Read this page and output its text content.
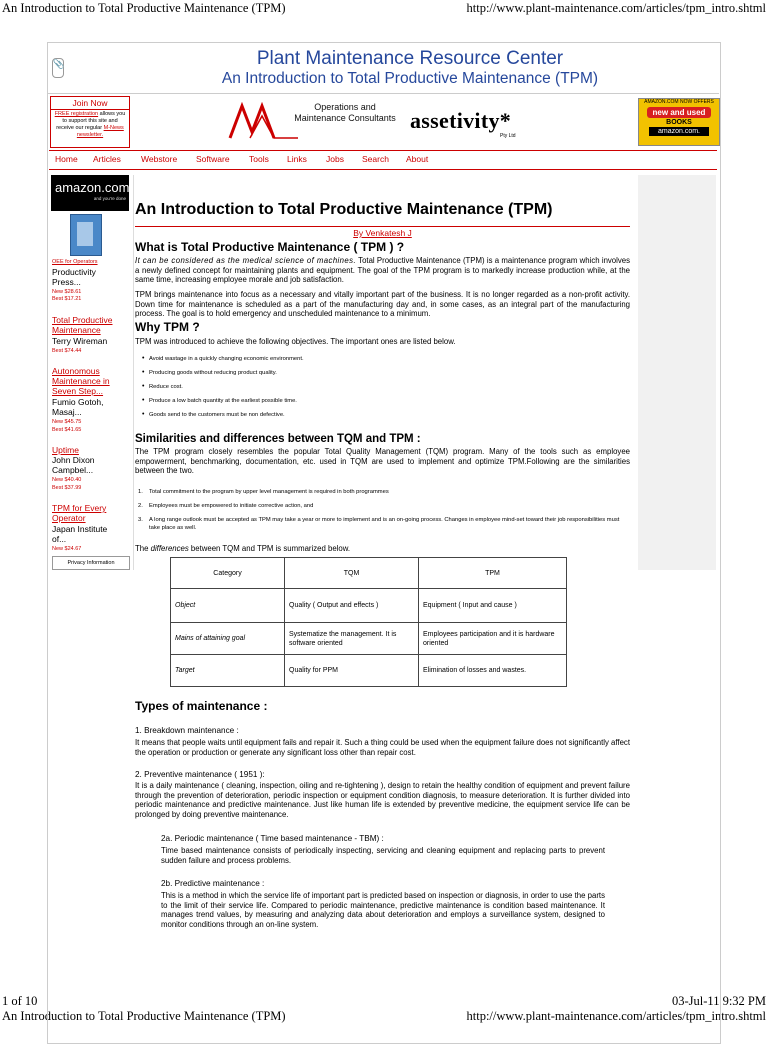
An Introduction to Total Productive Maintenance (TPM)	http://www.plant-maintenance.com/articles/tpm_intro.shtml
1 of 10	03-Jul-11 9:32 PM
An Introduction to Total Productive Maintenance (TPM)	http://www.plant-maintenance.com/articles/tpm_intro.shtml
📎	Plant Maintenance Resource Center
An Introduction to Total Productive Maintenance (TPM)
Join Now
FREE registration allows you to support this site and receive our regular M-News newsletter.
Operations and
Maintenance Consultants assetivity*
Pty Ltd
AMAZON.COM NOW OFFERS
new and used
BOOKS
amazon.com.
Home Articles Webstore Software Tools Links Jobs Search About
amazon.com
and you're done
OEE for Operators
Productivity Press...
New $28.61
Best $17.21
Total Productive Maintenance
Terry Wireman
Best $74.44
Autonomous Maintenance in Seven Step...
Fumio Gotoh, Masaj...
New $45.75
Best $41.65
Uptime
John Dixon Campbel...
New $40.40
Best $37.99
TPM for Every Operator
Japan Institute of...
New $24.67
Privacy Information
An Introduction to Total Productive Maintenance (TPM)
By Venkatesh J
What is Total Productive Maintenance ( TPM ) ?
It can be considered as the medical science of machines. Total Productive Maintenance (TPM) is a maintenance program which involves a newly defined concept for maintaining plants and equipment. The goal of the TPM program is to markedly increase production while, at the same time, increasing employee morale and job satisfaction.
TPM brings maintenance into focus as a necessary and vitally important part of the business. It is no longer regarded as a non-profit activity. Down time for maintenance is scheduled as a part of the manufacturing day and, in some cases, as an integral part of the manufacturing process. The goal is to hold emergency and unscheduled maintenance to a minimum.
Why TPM ?
TPM was introduced to achieve the following objectives. The important ones are listed below.
• Avoid wastage in a quickly changing economic environment.
• Producing goods without reducing product quality.
• Reduce cost.
• Produce a low batch quantity at the earliest possible time.
• Goods send to the customers must be non defective.
Similarities and differences between TQM and TPM :
The TPM program closely resembles the popular Total Quality Management (TQM) program. Many of the tools such as employee empowerment, benchmarking, documentation, etc. used in TQM are used to implement and optimize TPM.Following are the similarities between the two.
1. Total commitment to the program by upper level management is required in both programmes
2. Employees must be empowered to initiate corrective action, and
3. A long range outlook must be accepted as TPM may take a year or more to implement and is an on-going process. Changes in employee mind-set toward their job responsibilities must take place as well.
The differences between TQM and TPM is summarized below.
Category	TQM	TPM
Object	Quality ( Output and effects )	Equipment ( Input and cause )
Mains of attaining goal	Systematize the management. It is software oriented	Employees participation and it is hardware oriented
Target	Quality for PPM	Elimination of losses and wastes.
Types of maintenance :
1. Breakdown maintenance :
It means that people waits until equipment fails and repair it. Such a thing could be used when the equipment failure does not significantly affect the operation or production or generate any significant loss other than repair cost.
2. Preventive maintenance ( 1951 ):
It is a daily maintenance ( cleaning, inspection, oiling and re-tightening ), design to retain the healthy condition of equipment and prevent failure through the prevention of deterioration, periodic inspection or equipment condition diagnosis, to measure deterioration. It is further divided into periodic maintenance and predictive maintenance. Just like human life is extended by preventive medicine, the equipment service life can be prolonged by doing preventive maintenance.
2a. Periodic maintenance ( Time based maintenance - TBM) :
Time based maintenance consists of periodically inspecting, servicing and cleaning equipment and replacing parts to prevent sudden failure and process problems.
2b. Predictive maintenance :
This is a method in which the service life of important part is predicted based on inspection or diagnosis, in order to use the parts to the limit of their service life. Compared to periodic maintenance, predictive maintenance is condition based maintenance. It manages trend values, by measuring and analyzing data about deterioration and employs a surveillance system, designed to monitor conditions through an on-line system.
